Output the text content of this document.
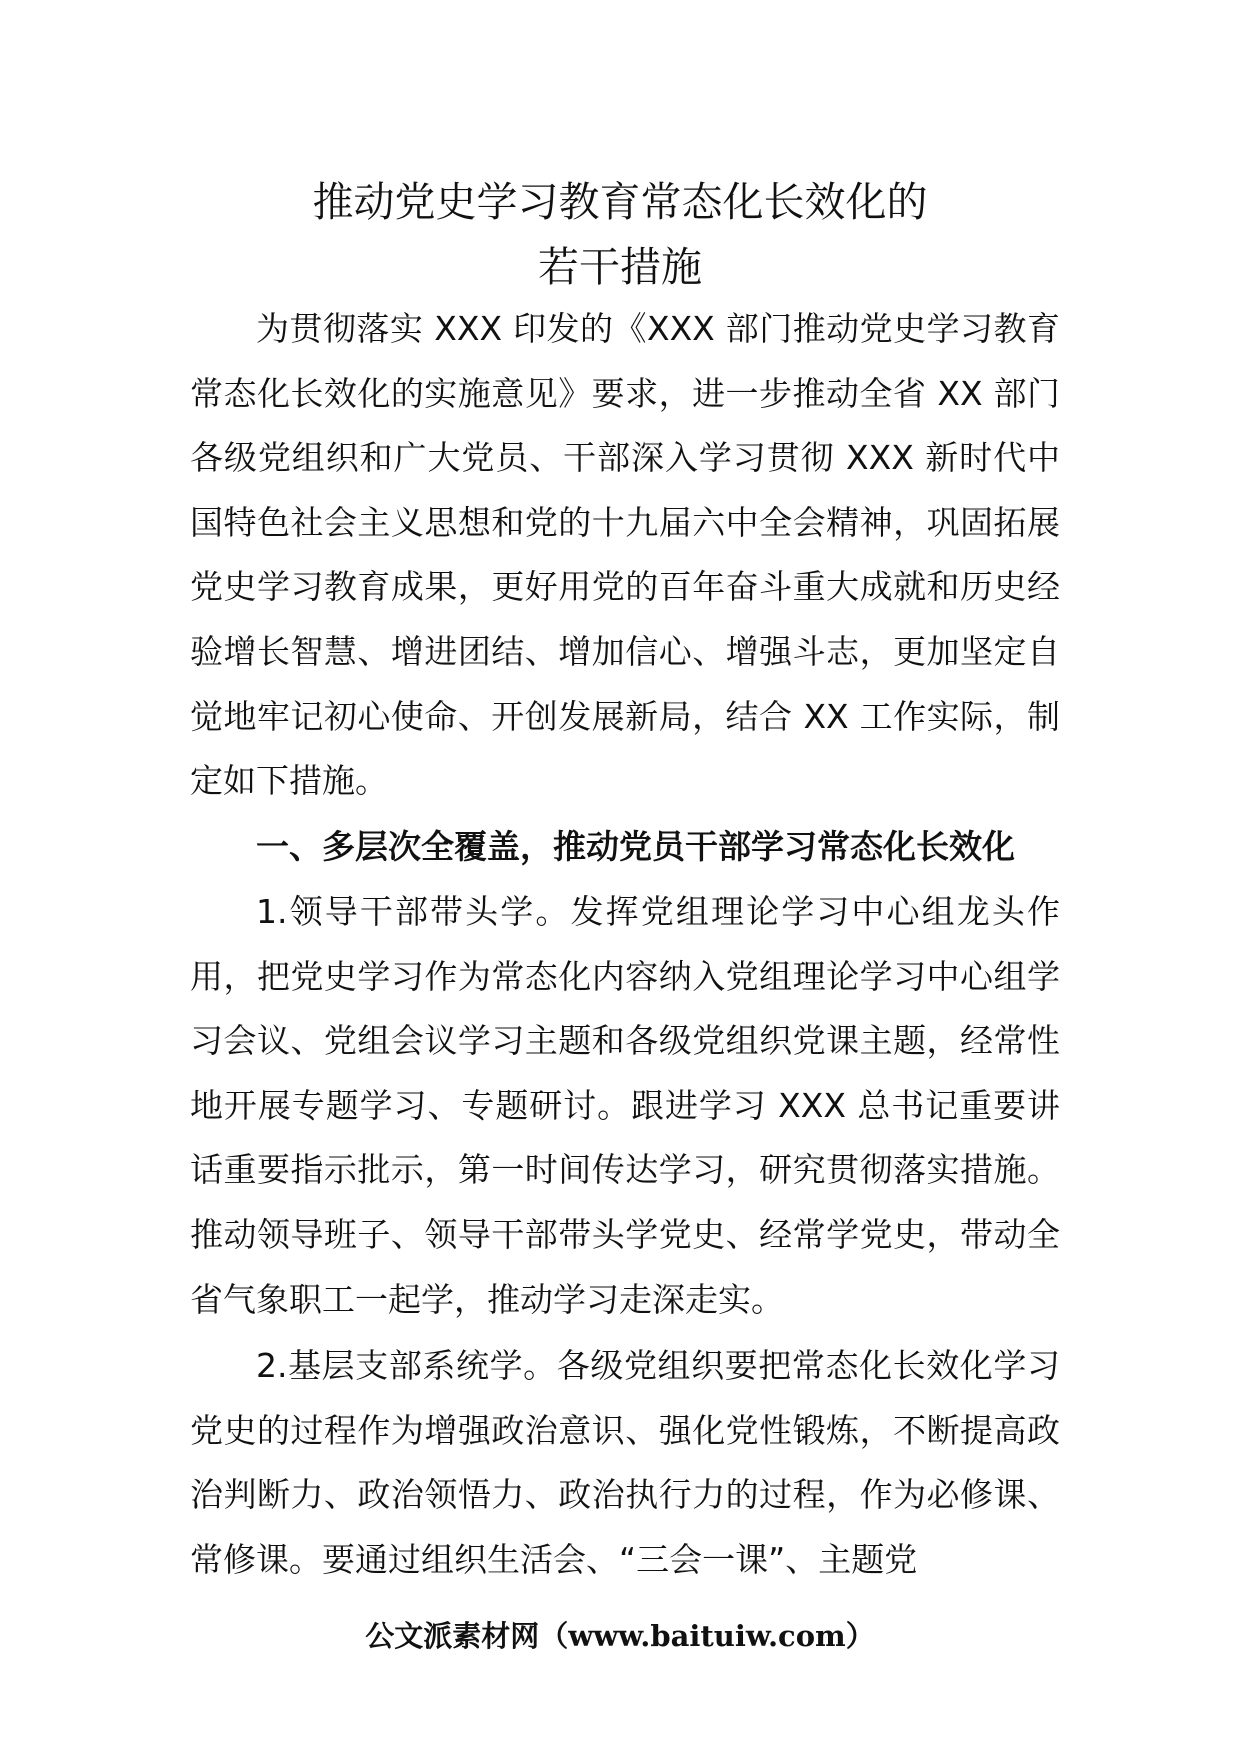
推动党史学习教育常态化长效化的
若干措施

为贯彻落实 XXX 印发的《XXX 部门推动党史学习教育常态化长效化的实施意见》要求，进一步推动全省 XX 部门各级党组织和广大党员、干部深入学习贯彻 XXX 新时代中国特色社会主义思想和党的十九届六中全会精神，巩固拓展党史学习教育成果，更好用党的百年奋斗重大成就和历史经验增长智慧、增进团结、增加信心、增强斗志，更加坚定自觉地牢记初心使命、开创发展新局，结合 XX 工作实际，制定如下措施。

一、多层次全覆盖，推动党员干部学习常态化长效化

1.领导干部带头学。发挥党组理论学习中心组龙头作用，把党史学习作为常态化内容纳入党组理论学习中心组学习会议、党组会议学习主题和各级党组织党课主题，经常性地开展专题学习、专题研讨。跟进学习 XXX 总书记重要讲话重要指示批示，第一时间传达学习，研究贯彻落实措施。推动领导班子、领导干部带头学党史、经常学党史，带动全省气象职工一起学，推动学习走深走实。

2.基层支部系统学。各级党组织要把常态化长效化学习党史的过程作为增强政治意识、强化党性锻炼，不断提高政治判断力、政治领悟力、政治执行力的过程，作为必修课、常修课。要通过组织生活会、“三会一课”、主题党

公文派素材网（www.baituiw.com）
